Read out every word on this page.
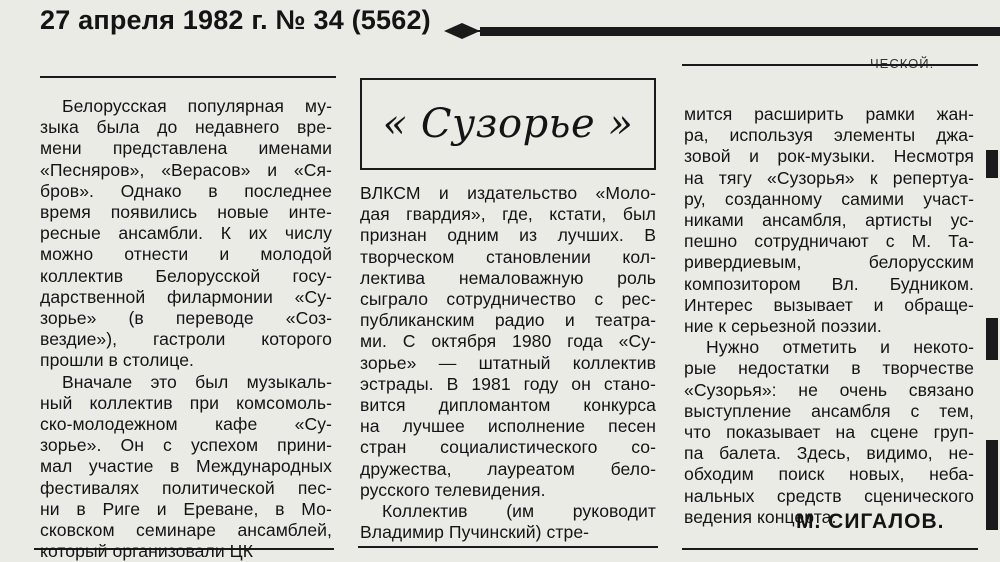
27 апреля 1982 г. № 34 (5562)
« Сузорье »
Белорусская популярная му-
зыка была до недавнего вре-
мени представлена именами
«Песняров», «Верасов» и «Ся-
бров». Однако в последнее
время появились новые инте-
ресные ансамбли. К их числу
можно отнести и молодой
коллектив Белорусской госу-
дарственной филармонии «Су-
зорье» (в переводе «Соз-
вездие»), гастроли которого
прошли в столице.
Вначале это был музыкаль-
ный коллектив при комсомоль-
ско-молодежном кафе «Су-
зорье». Он с успехом прини-
мал участие в Международных
фестивалях политической пес-
ни в Риге и Ереване, в Мо-
сковском семинаре ансамблей,
который организовали ЦК
ВЛКСМ и издательство «Моло-
дая гвардия», где, кстати, был
признан одним из лучших. В
творческом становлении кол-
лектива немаловажную роль
сыграло сотрудничество с рес-
публиканским радио и театра-
ми. С октября 1980 года «Су-
зорье» — штатный коллектив
эстрады. В 1981 году он стано-
вится дипломантом конкурса
на лучшее исполнение песен
стран социалистического со-
дружества, лауреатом бело-
русского телевидения.
Коллектив (им руководит
Владимир Пучинский) стре-
мится расширить рамки жан-
ра, используя элементы джа-
зовой и рок-музыки. Несмотря
на тягу «Сузорья» к репертуа-
ру, созданному самими участ-
никами ансамбля, артисты ус-
пешно сотрудничают с М. Та-
ривердиевым,	белорусским
композитором Вл. Будником.
Интерес вызывает и обраще-
ние к серьезной поэзии.
Нужно отметить и некото-
рые недостатки в творчестве
«Сузорья»: не очень связано
выступление ансамбля с тем,
что показывает на сцене груп-
па балета. Здесь, видимо, не-
обходим поиск новых, неба-
нальных средств сценического
ведения концерта.
М. СИГАЛОВ.
